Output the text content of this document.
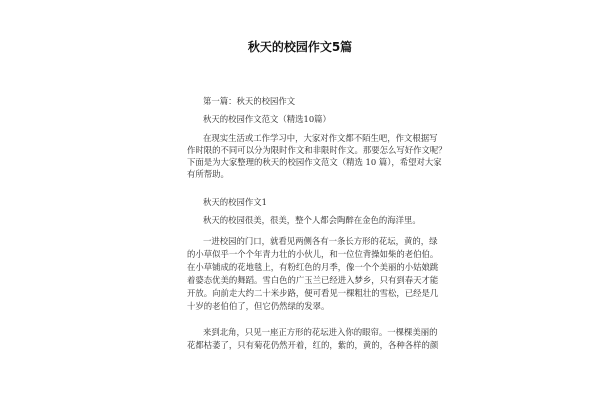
秋天的校园作文5篇
第一篇：秋天的校园作文
秋天的校园作文范文（精选10篇）
在现实生活或工作学习中，大家对作文都不陌生吧，作文根据写
作时限的不同可以分为限时作文和非限时作文。那要怎么写好作文呢？
下面是为大家整理的秋天的校园作文范文（精选 10 篇），希望对大家
有所帮助。
秋天的校园作文1
秋天的校园很美，很美，整个人都会陶醉在金色的海洋里。
一进校园的门口，就看见两侧各有一条长方形的花坛，黄的，绿
的小草似乎一个个年青力壮的小伙儿，和一位位背操如柴的老伯伯。
在小草铺成的花地毯上，有粉红色的月季，像一个个美丽的小姑娘跳
着婆态优美的舞蹈。雪白色的广玉兰已经进入梦乡，只有到春天才能
开放。向前走大约二十米步路，便可看见一棵粗壮的雪松，已经是几
十岁的老伯伯了，但它仍然绿的发翠。
来到北角，只见一座正方形的花坛进入你的眼帘。一棵棵美丽的
花都枯萎了，只有菊花仍然开着，红的，紫的，黄的，各种各样的颜
